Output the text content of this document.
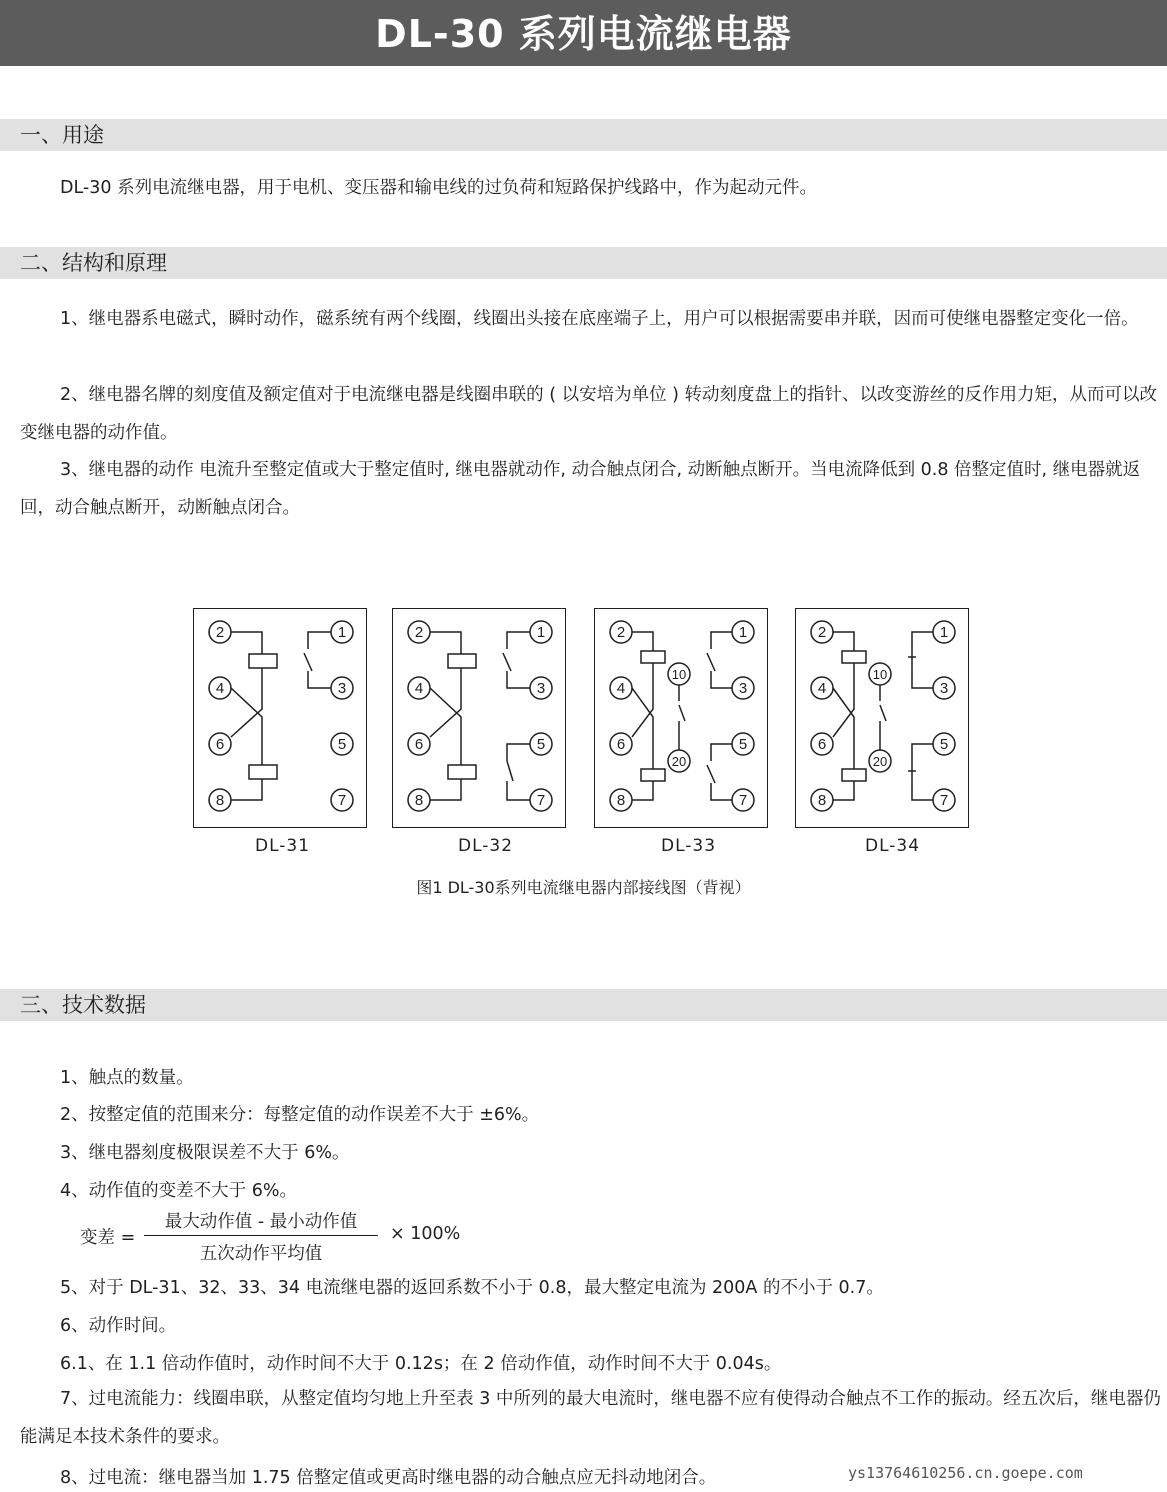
DL-30 系列电流继电器
一、用途
DL-30 系列电流继电器，用于电机、变压器和输电线的过负荷和短路保护线路中，作为起动元件。
二、结构和原理
1、继电器系电磁式，瞬时动作，磁系统有两个线圈，线圈出头接在底座端子上，用户可以根据需要串并联，因而可使继电器整定变化一倍。
2、继电器名牌的刻度值及额定值对于电流继电器是线圈串联的 ( 以安培为单位 ) 转动刻度盘上的指针、以改变游丝的反作用力矩，从而可以改变继电器的动作值。
3、继电器的动作 电流升至整定值或大于整定值时, 继电器就动作, 动合触点闭合, 动断触点断开。当电流降低到 0.8 倍整定值时, 继电器就返回，动合触点断开，动断触点闭合。
2
4
6
8
1
3
5
7
2
4
6
8
1
3
5
7
2
4
6
8
1
3
5
7
10
20
2
4
6
8
1
3
5
7
10
20
DL-31	DL-32	DL-33	DL-34
图1 DL-30系列电流继电器内部接线图（背视）
三、技术数据
1、触点的数量。
2、按整定值的范围来分：每整定值的动作误差不大于 ±6%。
3、继电器刻度极限误差不大于 6%。
4、动作值的变差不大于 6%。
变差 =
最大动作值 - 最小动作值
五次动作平均值
× 100%
5、对于 DL-31、32、33、34 电流继电器的返回系数不小于 0.8，最大整定电流为 200A 的不小于 0.7。
6、动作时间。
6.1、在 1.1 倍动作值时，动作时间不大于 0.12s；在 2 倍动作值，动作时间不大于 0.04s。
7、过电流能力：线圈串联，从整定值均匀地上升至表 3 中所列的最大电流时，继电器不应有使得动合触点不工作的振动。经五次后，继电器仍能满足本技术条件的要求。
8、过电流：继电器当加 1.75 倍整定值或更高时继电器的动合触点应无抖动地闭合。	ys13764610256.cn.goepe.com
